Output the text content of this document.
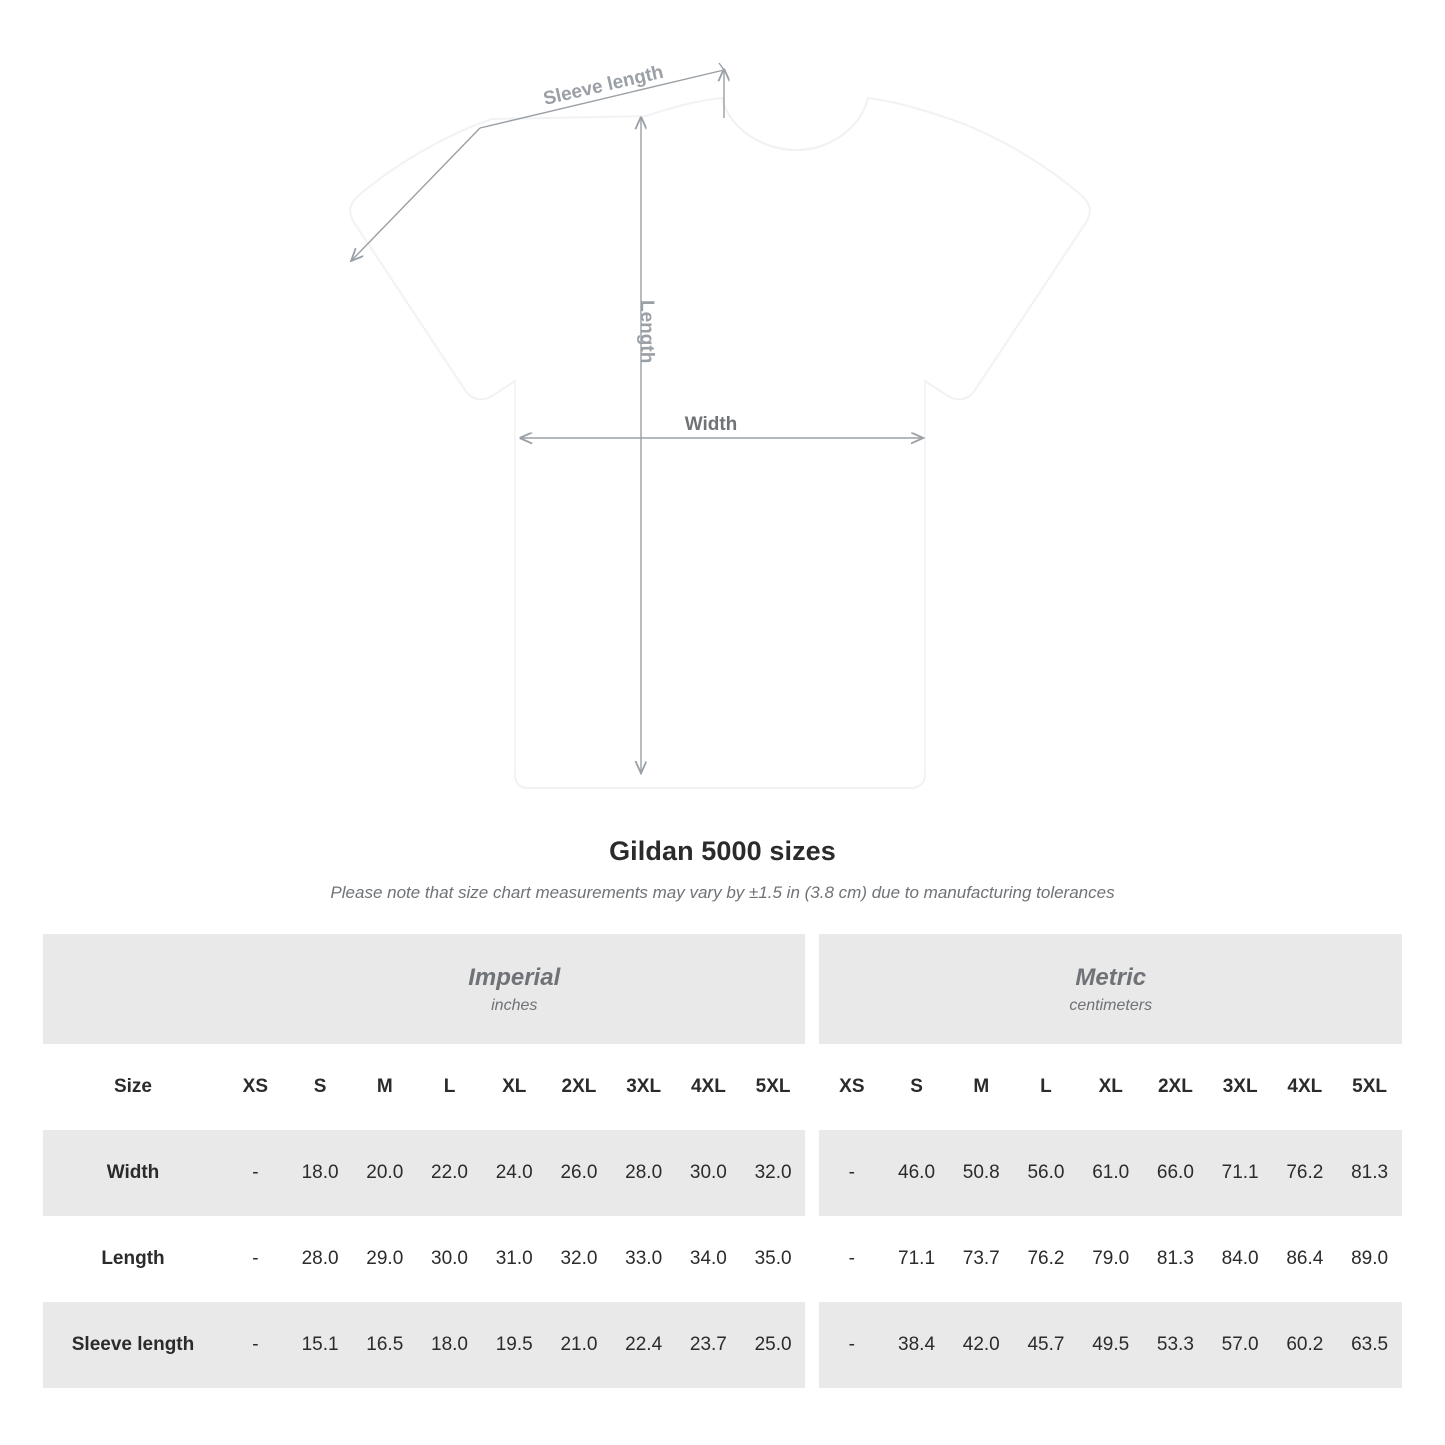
Sleeve length
Length
Width
Gildan 5000 sizes
Please note that size chart measurements may vary by ±1.5 in (3.8 cm) due to manufacturing tolerances

Imperial
inches

Metric
centimeters

Size	XS	S	M	L	XL	2XL	3XL	4XL	5XL		XS	S	M	L	XL	2XL	3XL	4XL	5XL
Width	-	18.0	20.0	22.0	24.0	26.0	28.0	30.0	32.0		-	46.0	50.8	56.0	61.0	66.0	71.1	76.2	81.3
Length	-	28.0	29.0	30.0	31.0	32.0	33.0	34.0	35.0		-	71.1	73.7	76.2	79.0	81.3	84.0	86.4	89.0
Sleeve length	-	15.1	16.5	18.0	19.5	21.0	22.4	23.7	25.0		-	38.4	42.0	45.7	49.5	53.3	57.0	60.2	63.5
